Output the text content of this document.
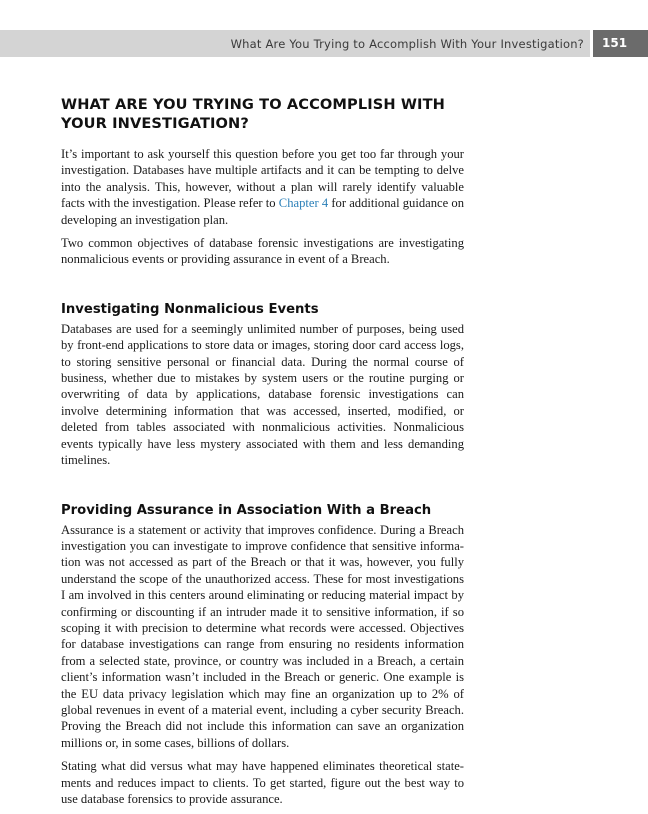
What Are You Trying to Accomplish With Your Investigation? 151
WHAT ARE YOU TRYING TO ACCOMPLISH WITH YOUR INVESTIGATION?

It’s important to ask yourself this question before you get too far through your investigation. Databases have multiple artifacts and it can be tempting to delve into the analysis. This, however, without a plan will rarely identify valuable facts with the investigation. Please refer to Chapter 4 for additional guidance on developing an investigation plan.

Two common objectives of database forensic investigations are investigating nonmalicious events or providing assurance in event of a Breach.

Investigating Nonmalicious Events

Databases are used for a seemingly unlimited number of purposes, being used by front-end applications to store data or images, storing door card access logs, to storing sensitive personal or financial data. During the normal course of business, whether due to mistakes by system users or the routine purging or overwriting of data by applications, database forensic investigations can involve determining information that was accessed, inserted, modified, or deleted from tables associated with nonmalicious activities. Nonmalicious events typically have less mystery associated with them and less demanding timelines.

Providing Assurance in Association With a Breach

Assurance is a statement or activity that improves confidence. During a Breach investigation you can investigate to improve confidence that sensitive information was not accessed as part of the Breach or that it was, however, you fully understand the scope of the unauthorized access. These for most investigations I am involved in this centers around eliminating or reducing material impact by confirming or discounting if an intruder made it to sensitive information, if so scoping it with precision to determine what records were accessed. Objectives for database investigations can range from ensuring no residents information from a selected state, province, or country was included in a Breach, a certain client’s information wasn’t included in the Breach or generic. One example is the EU data privacy legislation which may fine an organization up to 2% of global revenues in event of a material event, including a cyber security Breach. Proving the Breach did not include this information can save an organization millions or, in some cases, billions of dollars.

Stating what did versus what may have happened eliminates theoretical statements and reduces impact to clients. To get started, figure out the best way to use database forensics to provide assurance.
